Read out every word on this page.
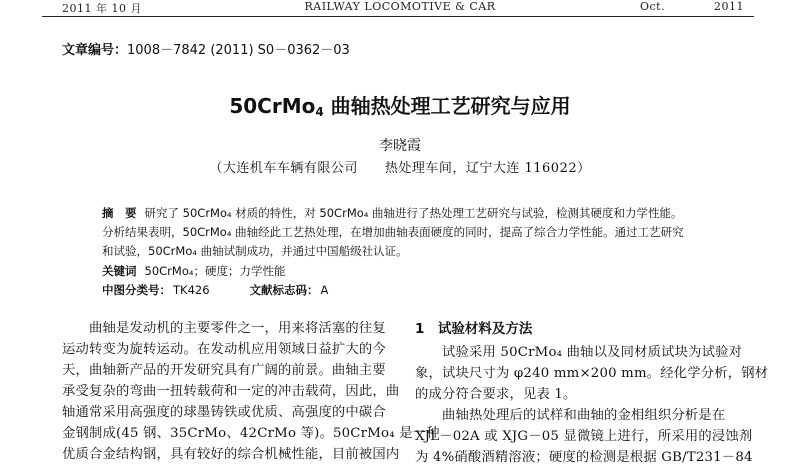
2011 年 10 月	RAILWAY LOCOMOTIVE & CAR	Oct.	2011
文章编号：1008－7842 (2011) S0－0362－03
50CrMo$_4$ 曲轴热处理工艺研究与应用
李晓霞
（大连机车车辆有限公司　　热处理车间，辽宁大连 116022）
摘　要 研究了 50CrMo₄ 材质的特性，对 50CrMo₄ 曲轴进行了热处理工艺研究与试验，检测其硬度和力学性能。
分析结果表明，50CrMo₄ 曲轴经此工艺热处理，在增加曲轴表面硬度的同时，提高了综合力学性能。通过工艺研究
和试验，50CrMo₄ 曲轴试制成功，并通过中国船级社认证。
关键词 50CrMo₄；硬度；力学性能
中图分类号： TK426	文献标志码： A
　　曲轴是发动机的主要零件之一，用来将活塞的往复
运动转变为旋转运动。在发动机应用领域日益扩大的今
天，曲轴新产品的开发研究具有广阔的前景。曲轴主要
承受复杂的弯曲一扭转载荷和一定的冲击载荷，因此，曲
轴通常采用高强度的球墨铸铁或优质、高强度的中碳合
金钢制成(45 钢、35CrMo、42CrMo 等)。50CrMo₄ 是一种
优质合金结构钢，具有较好的综合机械性能，目前被国内
1　试验材料及方法
　　试验采用 50CrMo₄ 曲轴以及同材质试块为试验对
象，试块尺寸为 φ240 mm×200 mm。经化学分析，钢材
的成分符合要求，见表 1。
　　曲轴热处理后的试样和曲轴的金相组织分析是在
XJL－02A 或 XJG－05 显微镜上进行，所采用的浸蚀剂
为 4%硝酸酒精溶液；硬度的检测是根据 GB/T231－84
